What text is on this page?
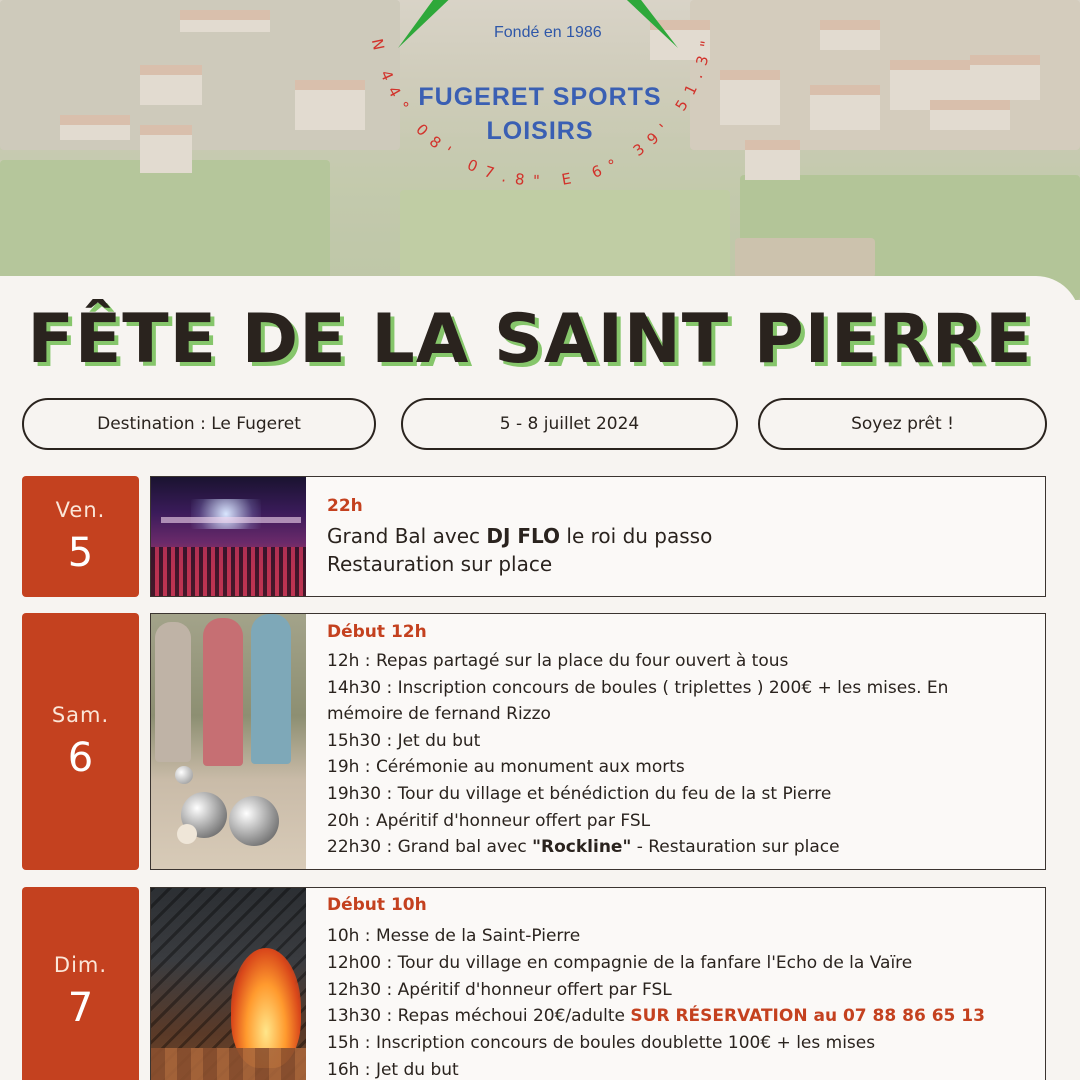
N 44° 08' 07.8" E 6° 39' 51.3"
Fondé en 1986
FUGERET SPORTS
LOISIRS
FÊTE DE LA SAINT PIERRE
Destination : Le Fugeret	5 - 8 juillet 2024	Soyez prêt !
Ven.
5
22h
Grand Bal avec DJ FLO le roi du passo
Restauration sur place
Sam.
6
Début 12h
12h : Repas partagé sur la place du four ouvert à tous
14h30 : Inscription concours de boules ( triplettes ) 200€ + les mises. En
mémoire de fernand Rizzo
15h30 : Jet du but
19h : Cérémonie au monument aux morts
19h30 : Tour du village et bénédiction du feu de la st Pierre
20h : Apéritif d'honneur offert par FSL
22h30 : Grand bal avec "Rockline" - Restauration sur place
Dim.
7
Début 10h
10h : Messe de la Saint-Pierre
12h00 : Tour du village en compagnie de la fanfare l'Echo de la Vaïre
12h30 : Apéritif d'honneur offert par FSL
13h30 : Repas méchoui 20€/adulte SUR RÉSERVATION au 07 88 86 65 13
15h : Inscription concours de boules doublette 100€ + les mises
16h : Jet du but
